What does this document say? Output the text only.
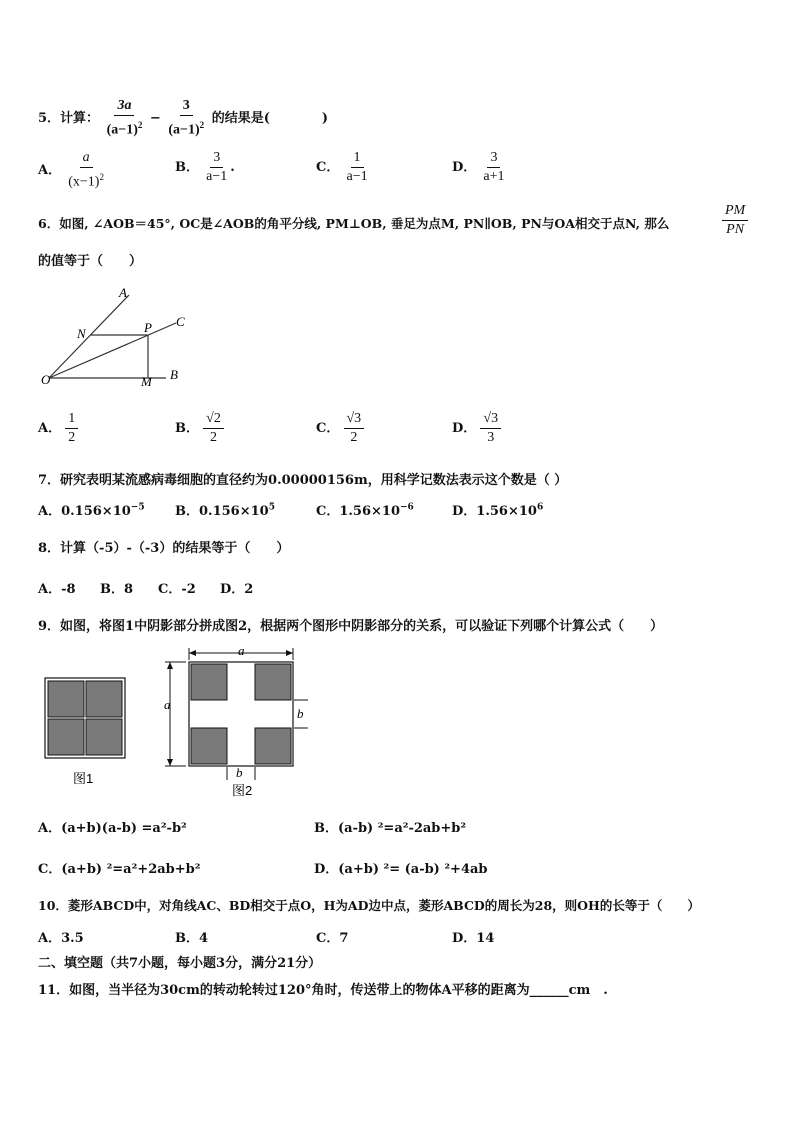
5．计算： $\frac{3a}{(a-1)^2} - \frac{3}{(a-1)^2}$ 的结果是(　　　　)
A． $\frac{a}{(x-1)^2}$	B． $\frac{3}{a-1}$ .	C． $\frac{1}{a-1}$	D． $\frac{3}{a+1}$
6．如图, ∠AOB＝45°, OC是∠AOB的角平分线, PM⊥OB, 垂足为点M, PN∥OB, PN与OA相交于点N, 那么	$\frac{PM}{PN}$
的值等于（　　）
A
C
N	P
O	M B
A． $\frac{1}{2}$	B． $\frac{√2}{2}$	C． $\frac{√3}{2}$	D． $\frac{√3}{3}$
7．研究表明某流感病毒细胞的直径约为0.00000156m，用科学记数法表示这个数是（ ）
A．$0.156\times 10^{-5}$ B．$0.156\times 10^5$	C．$1.56\times 10^{-6}$	D．$1.56\times 10^6$
8．计算（-5）-（-3）的结果等于（　　）
A．-8 B．8 C．-2 D．2
9．如图，将图1中阴影部分拼成图2，根据两个图形中阴影部分的关系，可以验证下列哪个计算公式（　　）
图1
a
a
b
b
图2
A．(a+b)(a-b) =a²-b²	B．(a-b) ²=a²-2ab+b²
C．(a+b) ²=a²+2ab+b²	D．(a+b) ²= (a-b) ²+4ab
10．菱形ABCD中，对角线AC、BD相交于点O，H为AD边中点，菱形ABCD的周长为28，则OH的长等于（　　）
A．3.5	B．4	C．7	D．14
二、填空题（共7小题，每小题3分，满分21分）
11．如图，当半径为30cm的转动轮转过120°角时，传送带上的物体A平移的距离为______cm　.
